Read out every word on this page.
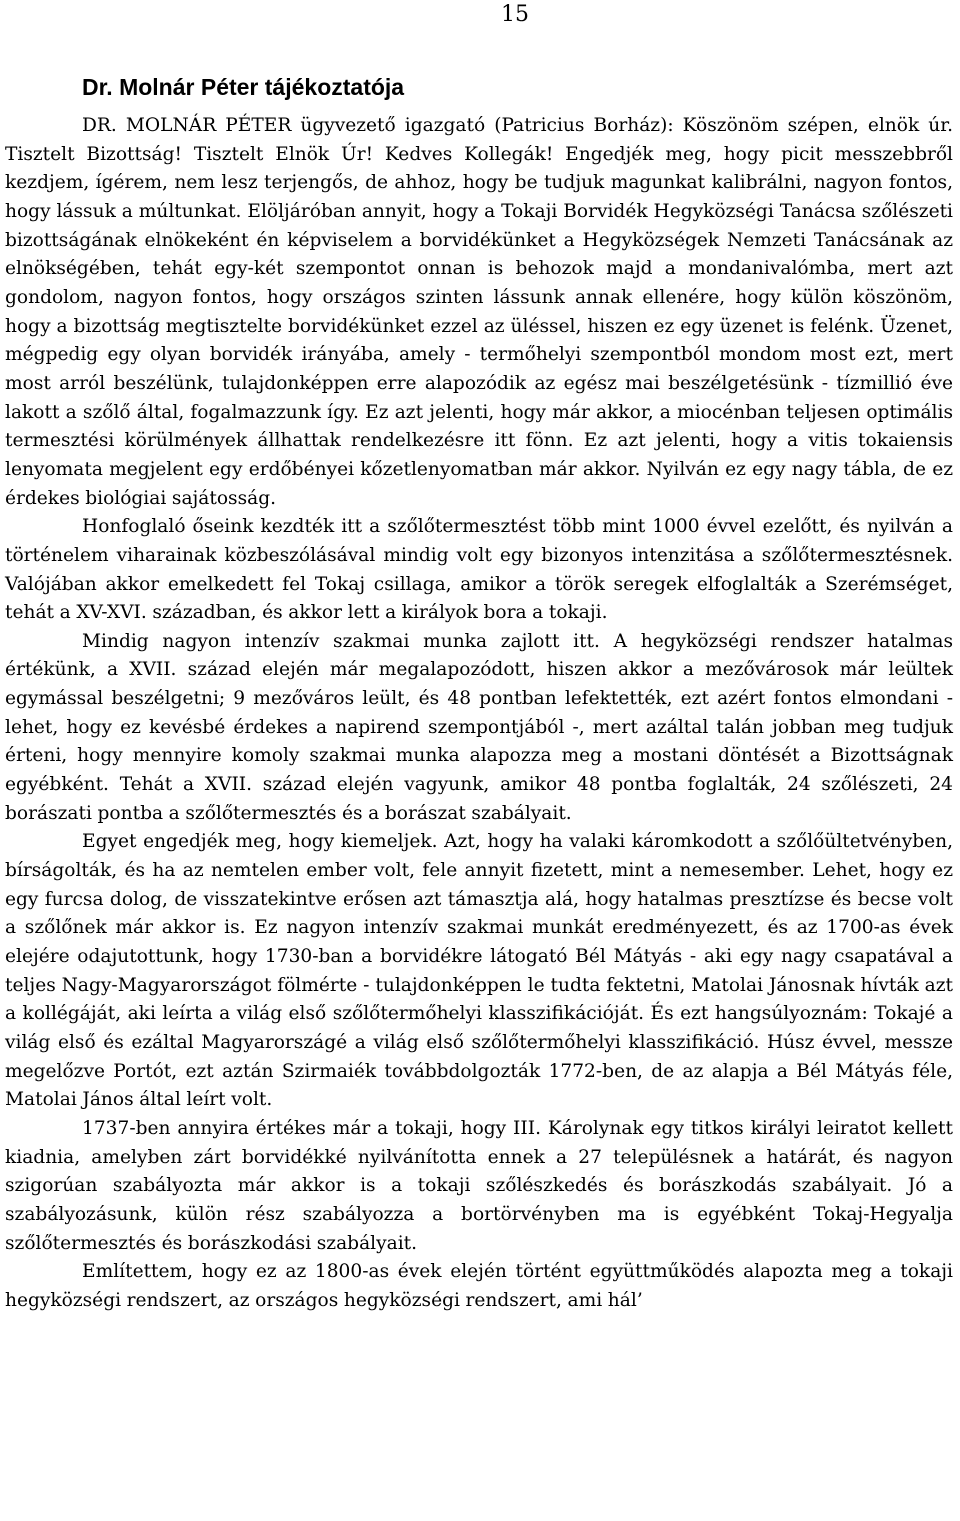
15
Dr. Molnár Péter tájékoztatója

DR. MOLNÁR PÉTER ügyvezető igazgató (Patricius Borház): Köszönöm szépen, elnök úr. Tisztelt Bizottság! Tisztelt Elnök Úr! Kedves Kollegák! Engedjék meg, hogy picit messzebbről kezdjem, ígérem, nem lesz terjengős, de ahhoz, hogy be tudjuk magunkat kalibrálni, nagyon fontos, hogy lássuk a múltunkat. Elöljáróban annyit, hogy a Tokaji Borvidék Hegyközségi Tanácsa szőlészeti bizottságának elnökeként én képviselem a borvidékünket a Hegyközségek Nemzeti Tanácsának az elnökségében, tehát egy-két szempontot onnan is behozok majd a mondanivalómba, mert azt gondolom, nagyon fontos, hogy országos szinten lássunk annak ellenére, hogy külön köszönöm, hogy a bizottság megtisztelte borvidékünket ezzel az üléssel, hiszen ez egy üzenet is felénk. Üzenet, mégpedig egy olyan borvidék irányába, amely - termőhelyi szempontból mondom most ezt, mert most arról beszélünk, tulajdonképpen erre alapozódik az egész mai beszélgetésünk - tízmillió éve lakott a szőlő által, fogalmazzunk így. Ez azt jelenti, hogy már akkor, a miocénban teljesen optimális termesztési körülmények állhattak rendelkezésre itt fönn. Ez azt jelenti, hogy a vitis tokaiensis lenyomata megjelent egy erdőbényei kőzetlenyomatban már akkor. Nyilván ez egy nagy tábla, de ez érdekes biológiai sajátosság.

Honfoglaló őseink kezdték itt a szőlőtermesztést több mint 1000 évvel ezelőtt, és nyilván a történelem viharainak közbeszólásával mindig volt egy bizonyos intenzitása a szőlőtermesztésnek. Valójában akkor emelkedett fel Tokaj csillaga, amikor a török seregek elfoglalták a Szerémséget, tehát a XV-XVI. században, és akkor lett a királyok bora a tokaji.

Mindig nagyon intenzív szakmai munka zajlott itt. A hegyközségi rendszer hatalmas értékünk, a XVII. század elején már megalapozódott, hiszen akkor a mezővárosok már leültek egymással beszélgetni; 9 mezőváros leült, és 48 pontban lefektették, ezt azért fontos elmondani - lehet, hogy ez kevésbé érdekes a napirend szempontjából -, mert azáltal talán jobban meg tudjuk érteni, hogy mennyire komoly szakmai munka alapozza meg a mostani döntését a Bizottságnak egyébként. Tehát a XVII. század elején vagyunk, amikor 48 pontba foglalták, 24 szőlészeti, 24 borászati pontba a szőlőtermesztés és a borászat szabályait.

Egyet engedjék meg, hogy kiemeljek. Azt, hogy ha valaki káromkodott a szőlőültetvényben, bírságolták, és ha az nemtelen ember volt, fele annyit fizetett, mint a nemesember. Lehet, hogy ez egy furcsa dolog, de visszatekintve erősen azt támasztja alá, hogy hatalmas presztízse és becse volt a szőlőnek már akkor is. Ez nagyon intenzív szakmai munkát eredményezett, és az 1700-as évek elejére odajutottunk, hogy 1730-ban a borvidékre látogató Bél Mátyás - aki egy nagy csapatával a teljes Nagy-Magyarországot fölmérte - tulajdonképpen le tudta fektetni, Matolai Jánosnak hívták azt a kollégáját, aki leírta a világ első szőlőtermőhelyi klasszifikációját. És ezt hangsúlyoznám: Tokajé a világ első és ezáltal Magyarországé a világ első szőlőtermőhelyi klasszifikáció. Húsz évvel, messze megelőzve Portót, ezt aztán Szirmaiék továbbdolgozták 1772-ben, de az alapja a Bél Mátyás féle, Matolai János által leírt volt.

1737-ben annyira értékes már a tokaji, hogy III. Károlynak egy titkos királyi leiratot kellett kiadnia, amelyben zárt borvidékké nyilvánította ennek a 27 településnek a határát, és nagyon szigorúan szabályozta már akkor is a tokaji szőlészkedés és borászkodás szabályait. Jó a szabályozásunk, külön rész szabályozza a bortörvényben ma is egyébként Tokaj-Hegyalja szőlőtermesztés és borászkodási szabályait.

Említettem, hogy ez az 1800-as évek elején történt együttműködés alapozta meg a tokaji hegyközségi rendszert, az országos hegyközségi rendszert, ami hál’
